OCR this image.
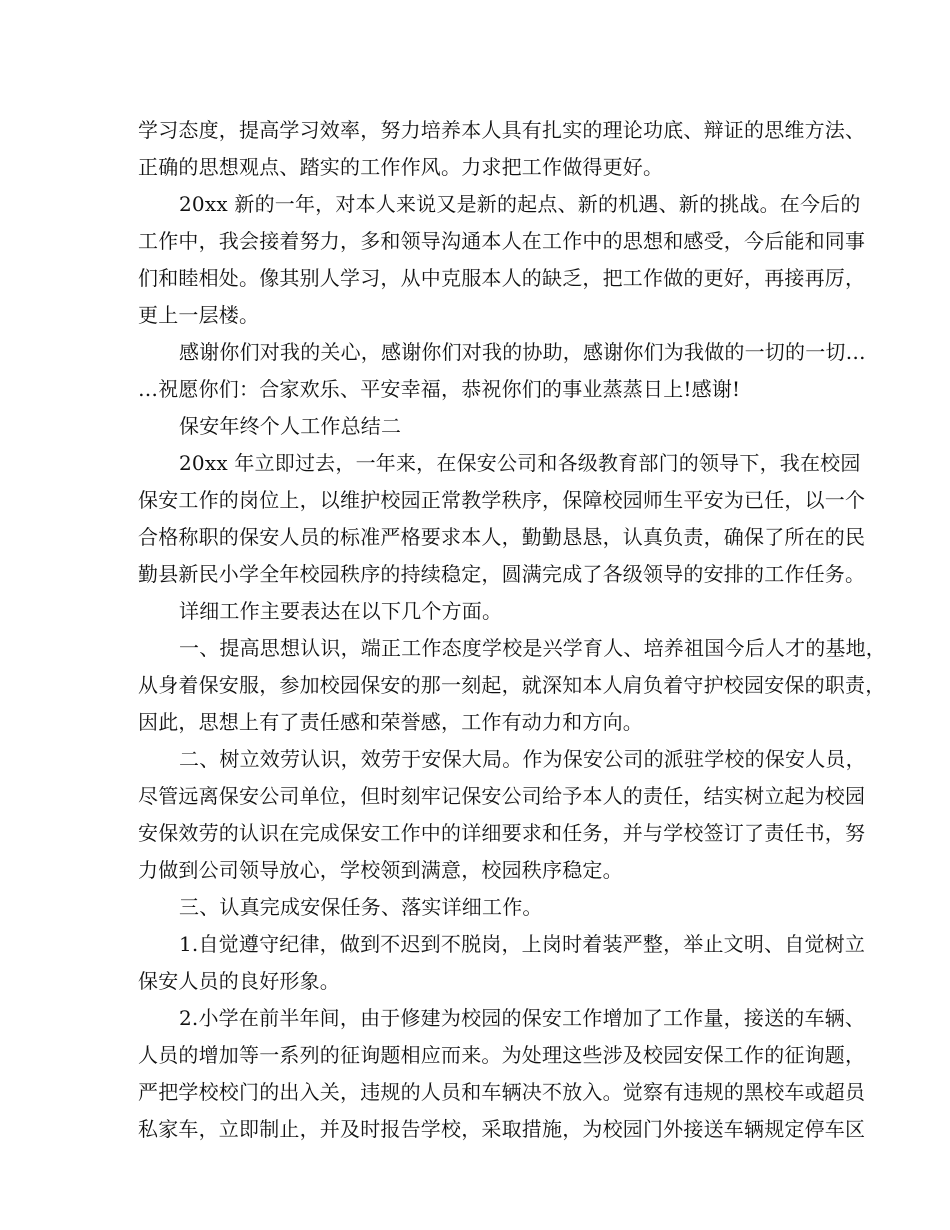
学习态度，提高学习效率，努力培养本人具有扎实的理论功底、辩证的思维方法、
正确的思想观点、踏实的工作作风。力求把工作做得更好。
20xx 新的一年，对本人来说又是新的起点、新的机遇、新的挑战。在今后的
工作中，我会接着努力，多和领导沟通本人在工作中的思想和感受，今后能和同事
们和睦相处。像其别人学习，从中克服本人的缺乏，把工作做的更好，再接再厉，
更上一层楼。
感谢你们对我的关心，感谢你们对我的协助，感谢你们为我做的一切的一切…
…祝愿你们：合家欢乐、平安幸福，恭祝你们的事业蒸蒸日上!感谢!
保安年终个人工作总结二
20xx 年立即过去，一年来，在保安公司和各级教育部门的领导下，我在校园
保安工作的岗位上，以维护校园正常教学秩序，保障校园师生平安为已任，以一个
合格称职的保安人员的标准严格要求本人，勤勤恳恳，认真负责，确保了所在的民
勤县新民小学全年校园秩序的持续稳定，圆满完成了各级领导的安排的工作任务。
详细工作主要表达在以下几个方面。
一、提高思想认识，端正工作态度学校是兴学育人、培养祖国今后人才的基地，
从身着保安服，参加校园保安的那一刻起，就深知本人肩负着守护校园安保的职责，
因此，思想上有了责任感和荣誉感，工作有动力和方向。
二、树立效劳认识，效劳于安保大局。作为保安公司的派驻学校的保安人员，
尽管远离保安公司单位，但时刻牢记保安公司给予本人的责任，结实树立起为校园
安保效劳的认识在完成保安工作中的详细要求和任务，并与学校签订了责任书，努
力做到公司领导放心，学校领到满意，校园秩序稳定。
三、认真完成安保任务、落实详细工作。
1.自觉遵守纪律，做到不迟到不脱岗，上岗时着装严整，举止文明、自觉树立
保安人员的良好形象。
2.小学在前半年间，由于修建为校园的保安工作增加了工作量，接送的车辆、
人员的增加等一系列的征询题相应而来。为处理这些涉及校园安保工作的征询题，
严把学校校门的出入关，违规的人员和车辆决不放入。觉察有违规的黑校车或超员
私家车，立即制止，并及时报告学校，采取措施，为校园门外接送车辆规定停车区
